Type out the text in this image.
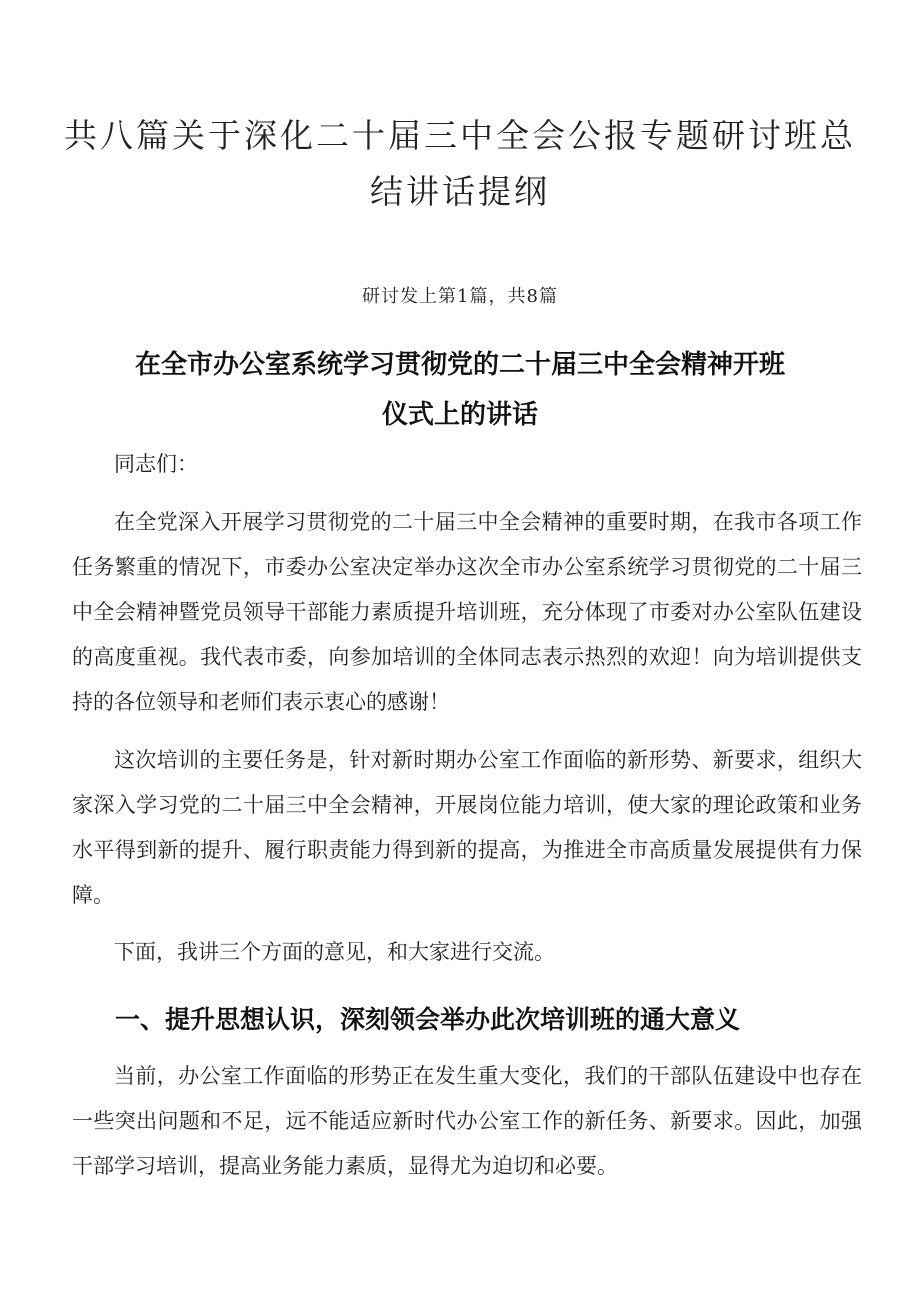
共八篇关于深化二十届三中全会公报专题研讨班总
结讲话提纲
研讨发上第1篇，共8篇
在全市办公室系统学习贯彻党的二十届三中全会精神开班
仪式上的讲话

同志们：

在全党深入开展学习贯彻党的二十届三中全会精神的重要时期，在我市各项工作任务繁重的情况下，市委办公室决定举办这次全市办公室系统学习贯彻党的二十届三中全会精神暨党员领导干部能力素质提升培训班，充分体现了市委对办公室队伍建设的高度重视。我代表市委，向参加培训的全体同志表示热烈的欢迎！向为培训提供支持的各位领导和老师们表示衷心的感谢！

这次培训的主要任务是，针对新时期办公室工作面临的新形势、新要求，组织大家深入学习党的二十届三中全会精神，开展岗位能力培训，使大家的理论政策和业务水平得到新的提升、履行职责能力得到新的提高，为推进全市高质量发展提供有力保障。

下面，我讲三个方面的意见，和大家进行交流。

一、提升思想认识，深刻领会举办此次培训班的通大意义

当前，办公室工作面临的形势正在发生重大变化，我们的干部队伍建设中也存在一些突出问题和不足，远不能适应新时代办公室工作的新任务、新要求。因此，加强干部学习培训，提高业务能力素质，显得尤为迫切和必要。
